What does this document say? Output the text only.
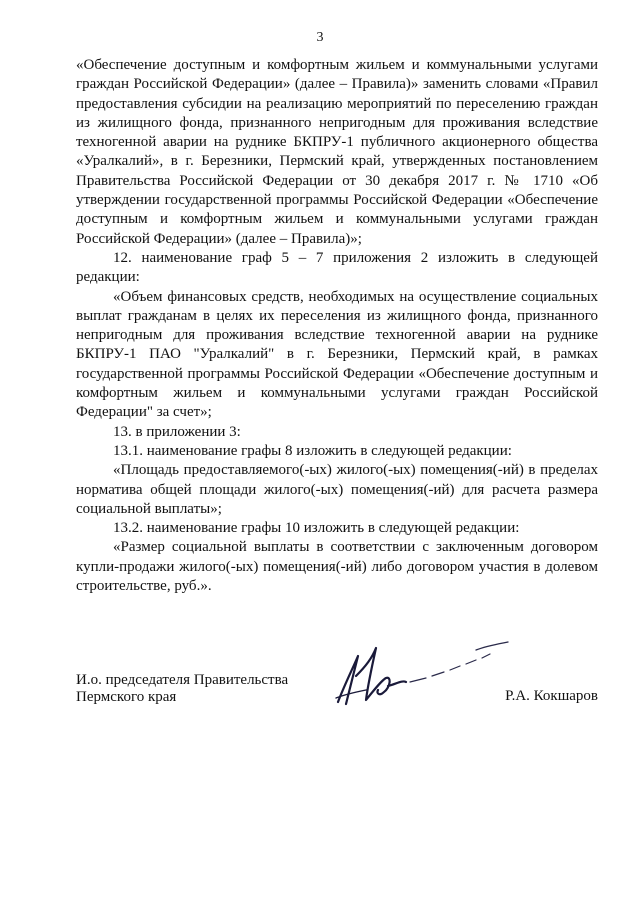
3

«Обеспечение доступным и комфортным жильем и коммунальными услугами граждан Российской Федерации» (далее – Правила)» заменить словами «Правил предоставления субсидии на реализацию мероприятий по переселению граждан из жилищного фонда, признанного непригодным для проживания вследствие техногенной аварии на руднике БКПРУ-1 публичного акционерного общества «Уралкалий», в г. Березники, Пермский край, утвержденных постановлением Правительства Российской Федерации от 30 декабря 2017 г. № 1710 «Об утверждении государственной программы Российской Федерации «Обеспечение доступным и комфортным жильем и коммунальными услугами граждан Российской Федерации» (далее – Правила)»;

12. наименование граф 5 – 7 приложения 2 изложить в следующей редакции:

«Объем финансовых средств, необходимых на осуществление социальных выплат гражданам в целях их переселения из жилищного фонда, признанного непригодным для проживания вследствие техногенной аварии на руднике БКПРУ-1 ПАО "Уралкалий" в г. Березники, Пермский край, в рамках государственной программы Российской Федерации «Обеспечение доступным и комфортным жильем и коммунальными услугами граждан Российской Федерации" за счет»;

13. в приложении 3:

13.1. наименование графы 8 изложить в следующей редакции:

«Площадь предоставляемого(-ых) жилого(-ых) помещения(-ий) в пределах норматива общей площади жилого(-ых) помещения(-ий) для расчета размера социальной выплаты»;

13.2. наименование графы 10 изложить в следующей редакции:

«Размер социальной выплаты в соответствии с заключенным договором купли-продажи жилого(-ых) помещения(-ий) либо договором участия в долевом строительстве, руб.».

И.о. председателя Правительства
Пермского края	Р.А. Кокшаров
